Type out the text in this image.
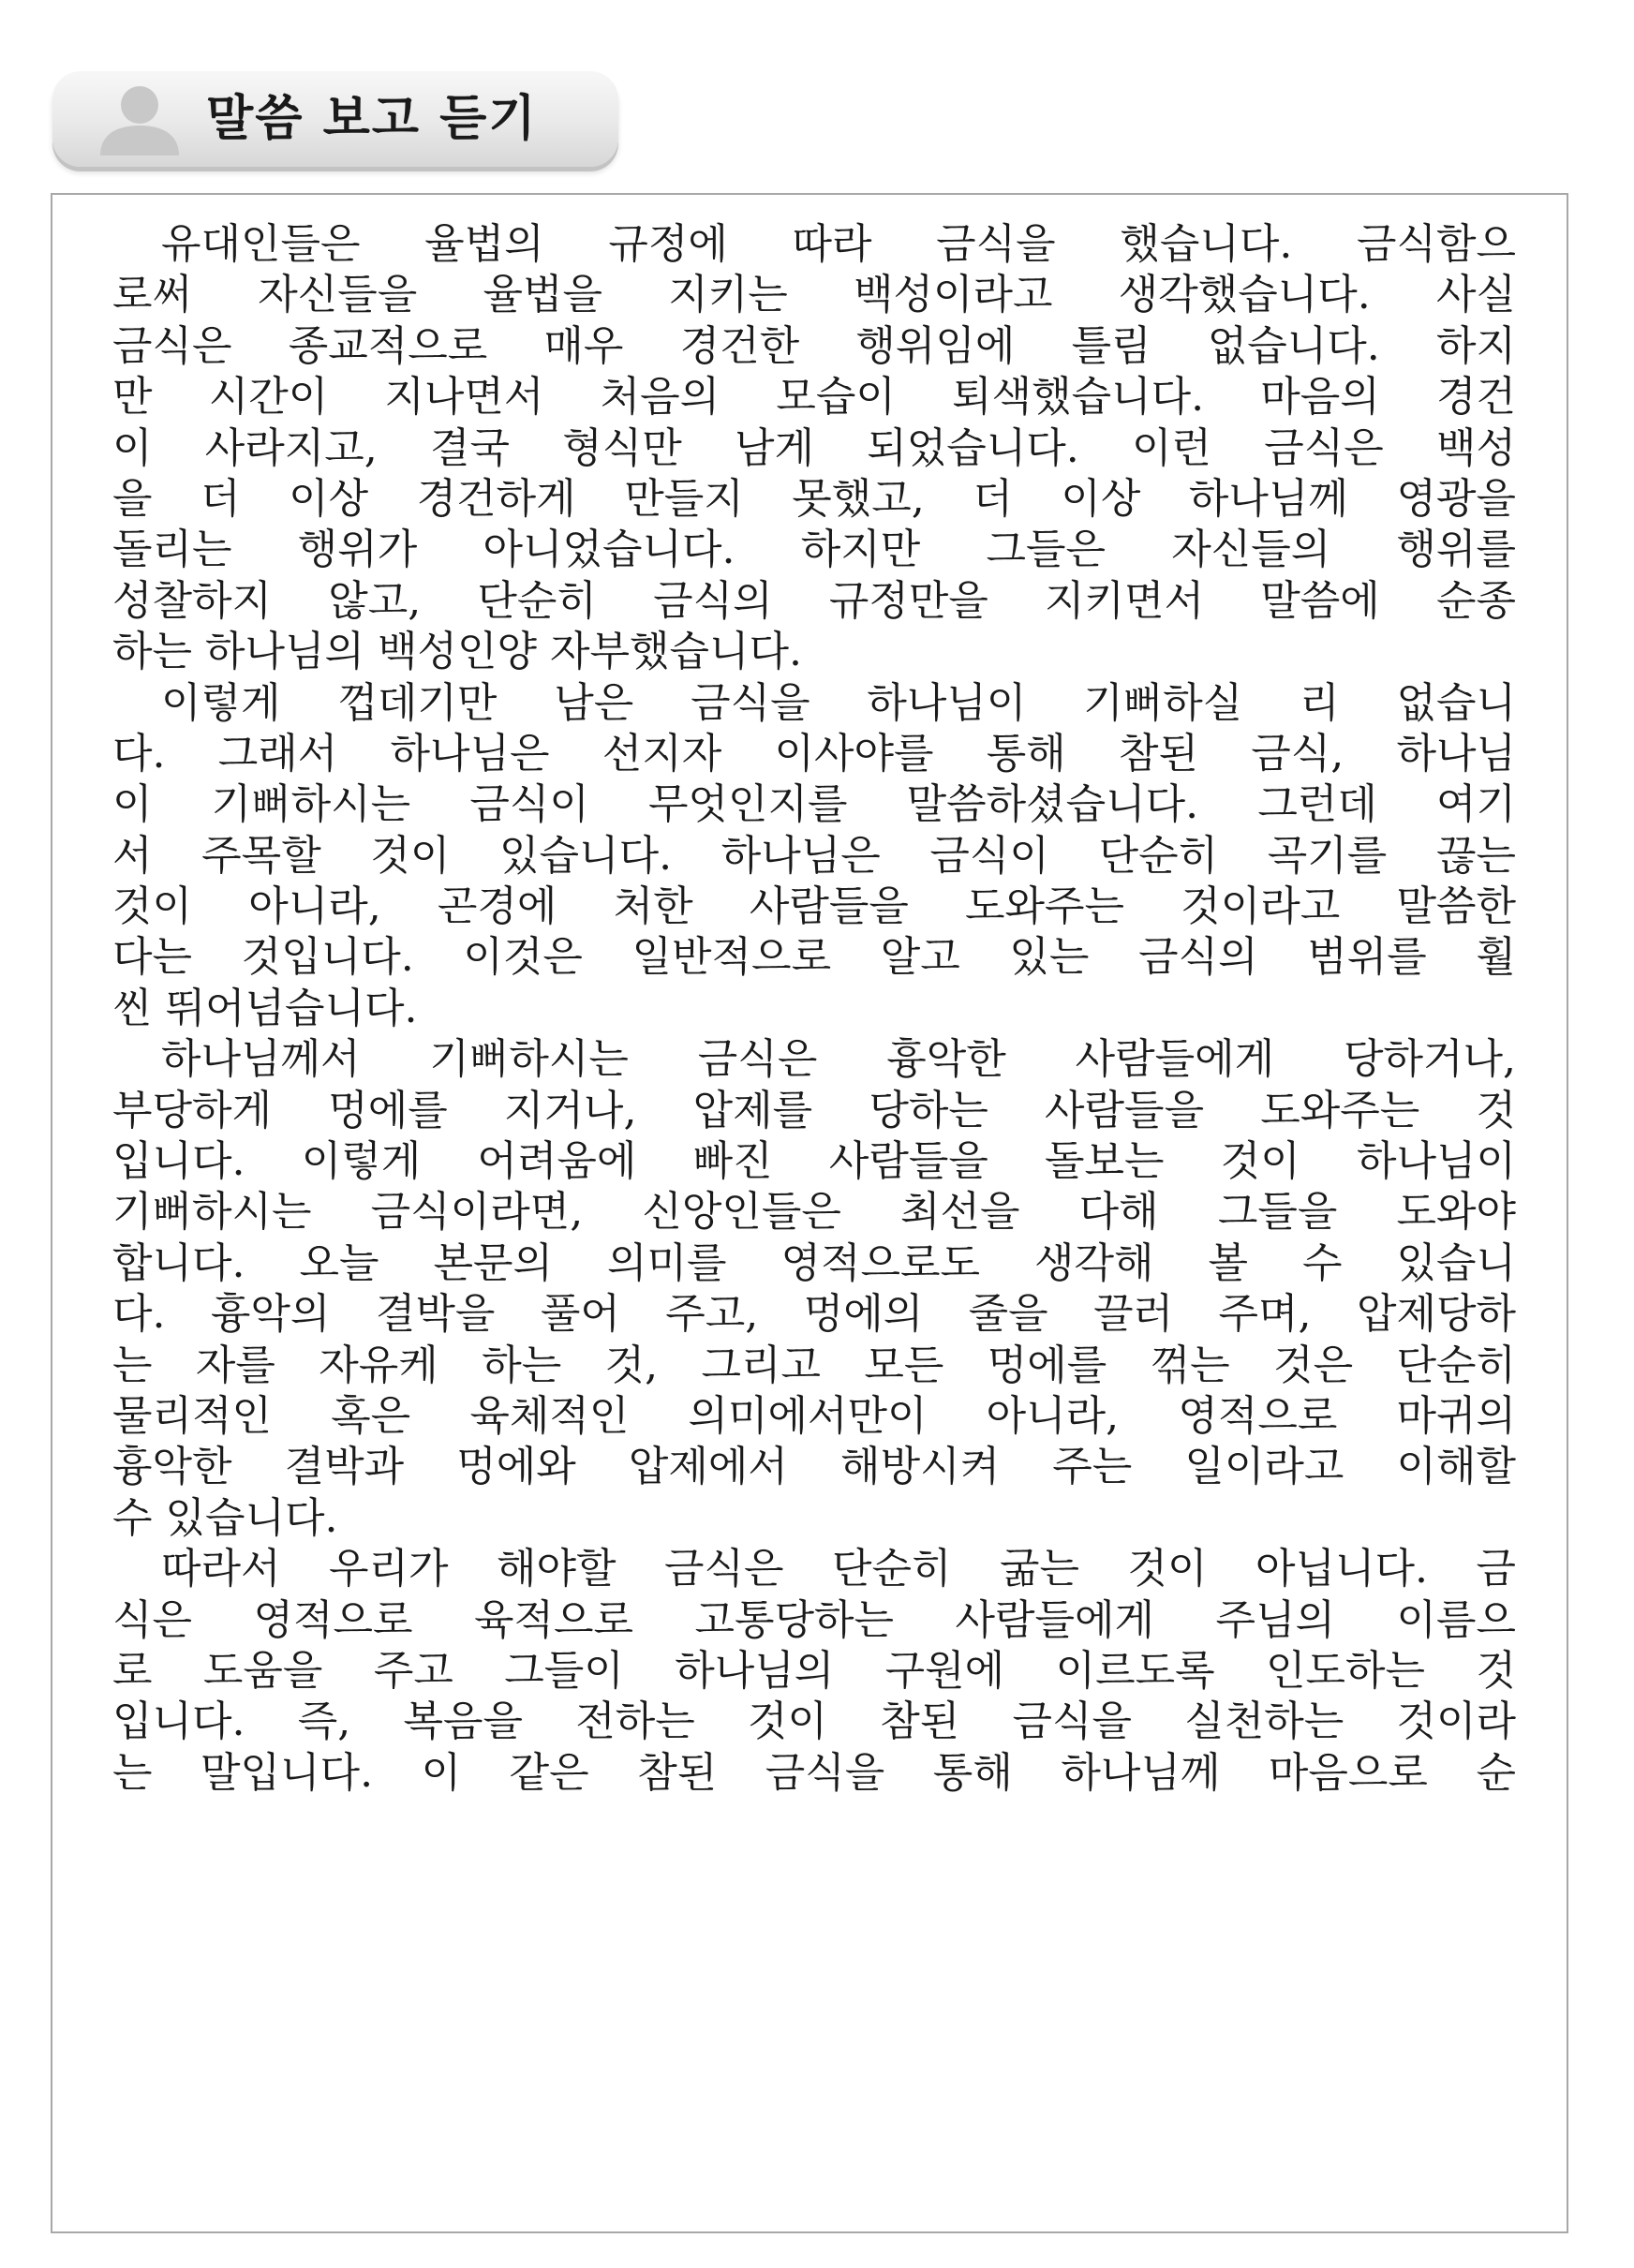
말씀 보고 듣기
유대인들은 율법의 규정에 따라 금식을 했습니다. 금식함으
로써 자신들을 율법을 지키는 백성이라고 생각했습니다. 사실
금식은 종교적으로 매우 경건한 행위임에 틀림 없습니다. 하지
만 시간이 지나면서 처음의 모습이 퇴색했습니다. 마음의 경건
이 사라지고, 결국 형식만 남게 되었습니다. 이런 금식은 백성
을 더 이상 경건하게 만들지 못했고, 더 이상 하나님께 영광을
돌리는 행위가 아니었습니다. 하지만 그들은 자신들의 행위를
성찰하지 않고, 단순히 금식의 규정만을 지키면서 말씀에 순종
하는 하나님의 백성인양 자부했습니다.
이렇게 껍데기만 남은 금식을 하나님이 기뻐하실 리 없습니
다. 그래서 하나님은 선지자 이사야를 통해 참된 금식, 하나님
이 기뻐하시는 금식이 무엇인지를 말씀하셨습니다. 그런데 여기
서 주목할 것이 있습니다. 하나님은 금식이 단순히 곡기를 끊는
것이 아니라, 곤경에 처한 사람들을 도와주는 것이라고 말씀한
다는 것입니다. 이것은 일반적으로 알고 있는 금식의 범위를 훨
씬 뛰어넘습니다.
하나님께서 기뻐하시는 금식은 흉악한 사람들에게 당하거나,
부당하게 멍에를 지거나, 압제를 당하는 사람들을 도와주는 것
입니다. 이렇게 어려움에 빠진 사람들을 돌보는 것이 하나님이
기뻐하시는 금식이라면, 신앙인들은 최선을 다해 그들을 도와야
합니다. 오늘 본문의 의미를 영적으로도 생각해 볼 수 있습니
다. 흉악의 결박을 풀어 주고, 멍에의 줄을 끌러 주며, 압제당하
는 자를 자유케 하는 것, 그리고 모든 멍에를 꺾는 것은 단순히
물리적인 혹은 육체적인 의미에서만이 아니라, 영적으로 마귀의
흉악한 결박과 멍에와 압제에서 해방시켜 주는 일이라고 이해할
수 있습니다.
따라서 우리가 해야할 금식은 단순히 굶는 것이 아닙니다. 금
식은 영적으로 육적으로 고통당하는 사람들에게 주님의 이름으
로 도움을 주고 그들이 하나님의 구원에 이르도록 인도하는 것
입니다. 즉, 복음을 전하는 것이 참된 금식을 실천하는 것이라
는 말입니다. 이 같은 참된 금식을 통해 하나님께 마음으로 순
